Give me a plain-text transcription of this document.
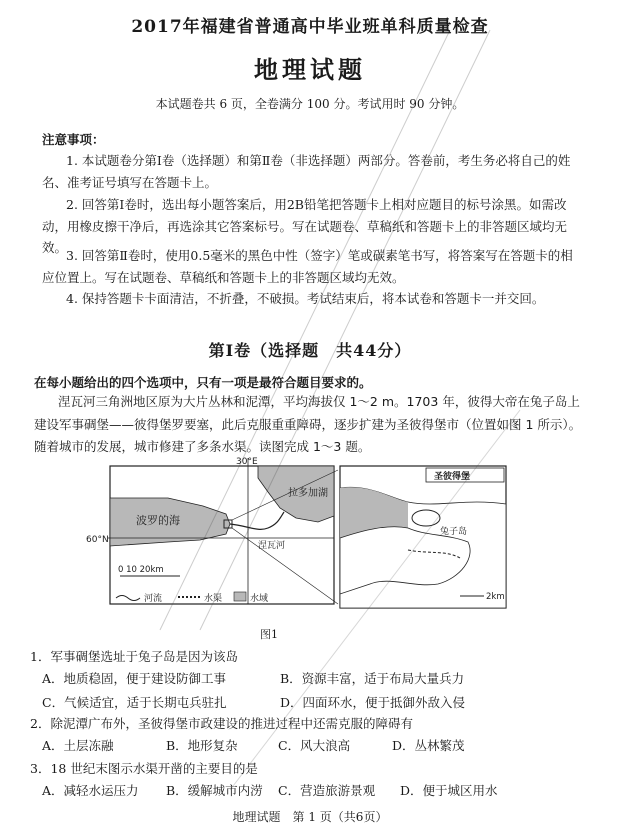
2017年福建省普通高中毕业班单科质量检查
地理试题
本试题卷共 6 页，全卷满分 100 分。考试用时 90 分钟。
注意事项：

1. 本试题卷分第Ⅰ卷（选择题）和第Ⅱ卷（非选择题）两部分。答卷前，考生务必将自己的姓名、准考证号填写在答题卡上。

2. 回答第Ⅰ卷时，选出每小题答案后，用2B铅笔把答题卡上相对应题目的标号涂黑。如需改动，用橡皮擦干净后，再选涂其它答案标号。写在试题卷、草稿纸和答题卡上的非答题区域均无效。

3. 回答第Ⅱ卷时，使用0.5毫米的黑色中性（签字）笔或碳素笔书写，将答案写在答题卡的相应位置上。写在试题卷、草稿纸和答题卡上的非答题区域均无效。

4. 保持答题卡卡面清洁，不折叠，不破损。考试结束后，将本试卷和答题卡一并交回。

第Ⅰ卷（选择题　共44分）
在每小题给出的四个选项中，只有一项是最符合题目要求的。

涅瓦河三角洲地区原为大片丛林和泥潭，平均海拔仅 1～2 m。1703 年，彼得大帝在兔子岛上建设军事碉堡——彼得堡罗要塞，此后克服重重障碍，逐步扩建为圣彼得堡市（位置如图 1 所示）。随着城市的发展，城市修建了多条水渠。读图完成 1～3 题。

30°E
60°N
波罗的海
拉多加湖
涅瓦河
0 10 20km
河流	水渠	水域
圣彼得堡
兔子岛
2km
图1
1．军事碉堡选址于兔子岛是因为该岛
A．地质稳固，便于建设防御工事	B．资源丰富，适于布局大量兵力
C．气候适宜，适于长期屯兵驻扎	D．四面环水，便于抵御外敌入侵
2．除泥潭广布外，圣彼得堡市政建设的推进过程中还需克服的障碍有
A．土层冻融	B．地形复杂	C．风大浪高	D．丛林繁茂
3．18 世纪末图示水渠开凿的主要目的是
A．减轻水运压力 B．缓解城市内涝 C．营造旅游景观 D．便于城区用水
地理试题　第 1 页（共6页）
